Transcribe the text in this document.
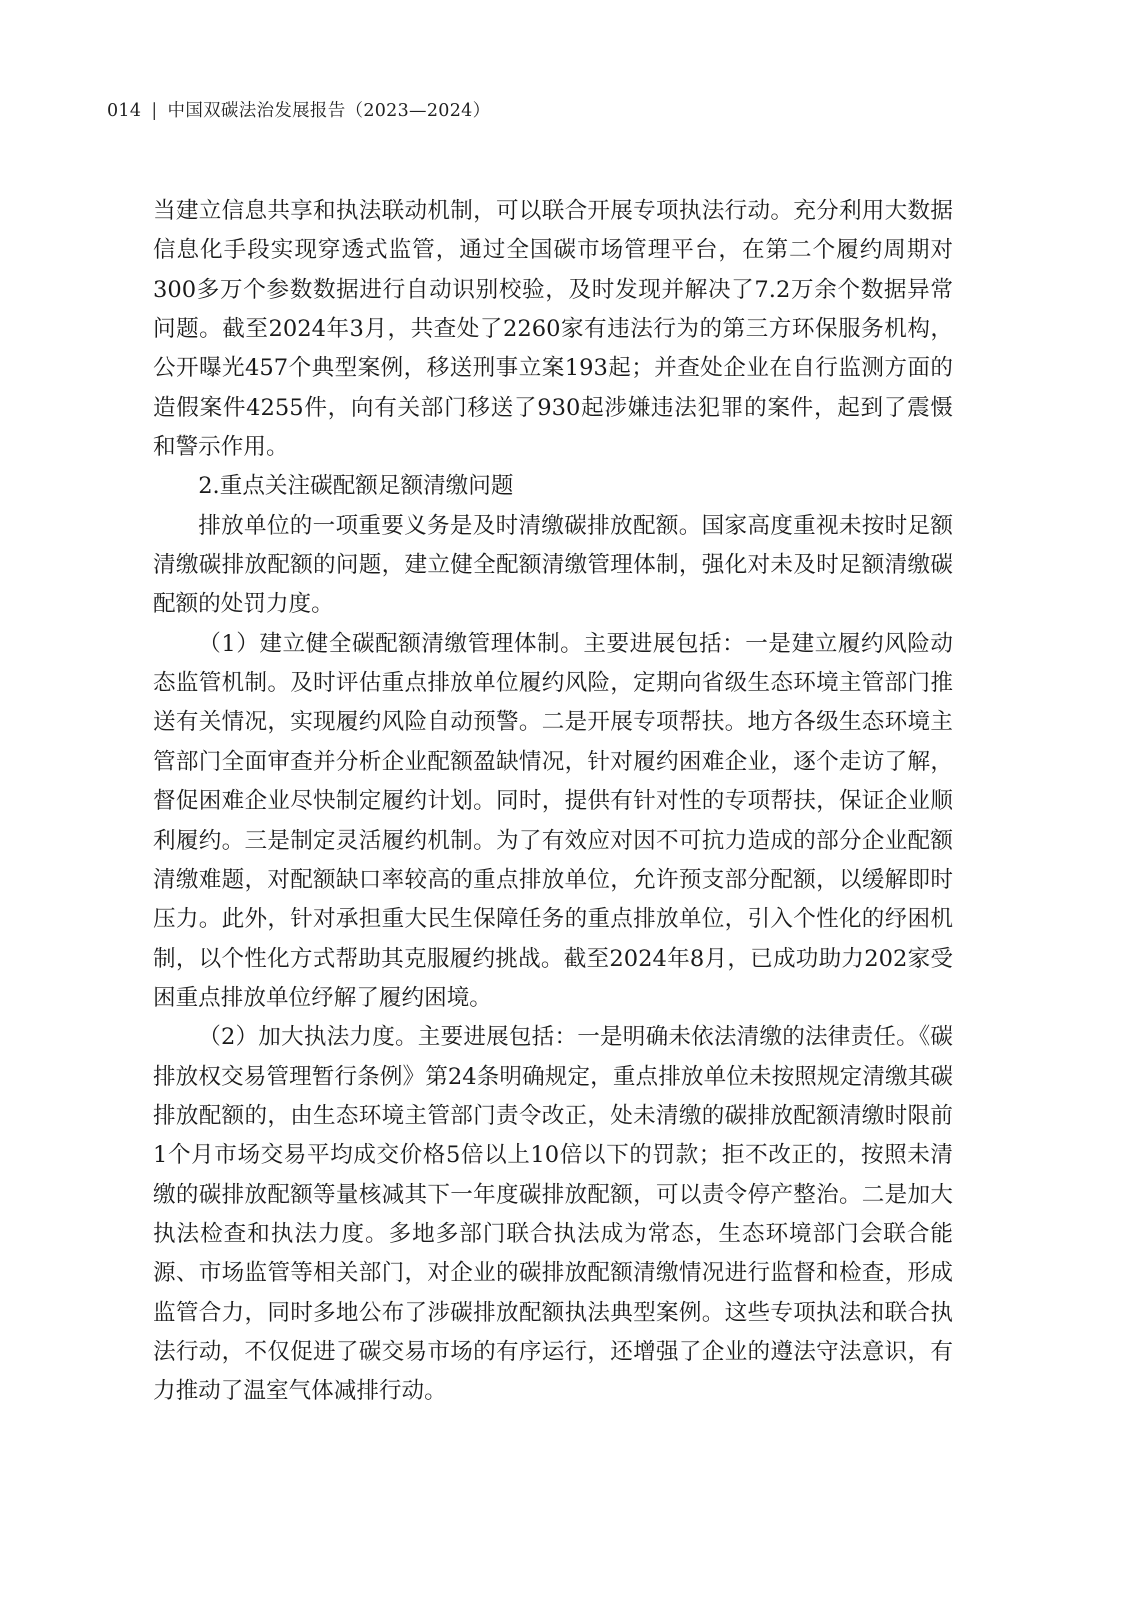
014 | 中国双碳法治发展报告（2023—2024）

当建立信息共享和执法联动机制，可以联合开展专项执法行动。充分利用大数据信息化手段实现穿透式监管，通过全国碳市场管理平台，在第二个履约周期对300多万个参数数据进行自动识别校验，及时发现并解决了7.2万余个数据异常问题。截至2024年3月，共查处了2260家有违法行为的第三方环保服务机构，公开曝光457个典型案例，移送刑事立案193起；并查处企业在自行监测方面的造假案件4255件，向有关部门移送了930起涉嫌违法犯罪的案件，起到了震慑和警示作用。

2.重点关注碳配额足额清缴问题

排放单位的一项重要义务是及时清缴碳排放配额。国家高度重视未按时足额清缴碳排放配额的问题，建立健全配额清缴管理体制，强化对未及时足额清缴碳配额的处罚力度。

（1）建立健全碳配额清缴管理体制。主要进展包括：一是建立履约风险动态监管机制。及时评估重点排放单位履约风险，定期向省级生态环境主管部门推送有关情况，实现履约风险自动预警。二是开展专项帮扶。地方各级生态环境主管部门全面审查并分析企业配额盈缺情况，针对履约困难企业，逐个走访了解，督促困难企业尽快制定履约计划。同时，提供有针对性的专项帮扶，保证企业顺利履约。三是制定灵活履约机制。为了有效应对因不可抗力造成的部分企业配额清缴难题，对配额缺口率较高的重点排放单位，允许预支部分配额，以缓解即时压力。此外，针对承担重大民生保障任务的重点排放单位，引入个性化的纾困机制，以个性化方式帮助其克服履约挑战。截至2024年8月，已成功助力202家受困重点排放单位纾解了履约困境。

（2）加大执法力度。主要进展包括：一是明确未依法清缴的法律责任。《碳排放权交易管理暂行条例》第24条明确规定，重点排放单位未按照规定清缴其碳排放配额的，由生态环境主管部门责令改正，处未清缴的碳排放配额清缴时限前1个月市场交易平均成交价格5倍以上10倍以下的罚款；拒不改正的，按照未清缴的碳排放配额等量核减其下一年度碳排放配额，可以责令停产整治。二是加大执法检查和执法力度。多地多部门联合执法成为常态，生态环境部门会联合能源、市场监管等相关部门，对企业的碳排放配额清缴情况进行监督和检查，形成监管合力，同时多地公布了涉碳排放配额执法典型案例。这些专项执法和联合执法行动，不仅促进了碳交易市场的有序运行，还增强了企业的遵法守法意识，有力推动了温室气体减排行动。
